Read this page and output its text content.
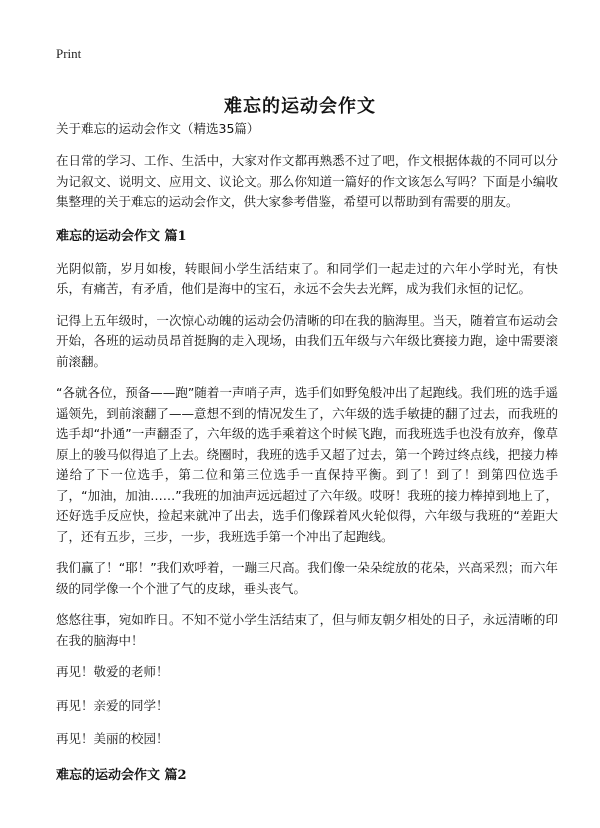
Print
难忘的运动会作文
关于难忘的运动会作文（精选35篇）

在日常的学习、工作、生活中，大家对作文都再熟悉不过了吧，作文根据体裁的不同可以分为记叙文、说明文、应用文、议论文。那么你知道一篇好的作文该怎么写吗？下面是小编收集整理的关于难忘的运动会作文，供大家参考借鉴，希望可以帮助到有需要的朋友。

难忘的运动会作文 篇1

光阴似箭，岁月如梭，转眼间小学生活结束了。和同学们一起走过的六年小学时光，有快乐，有痛苦，有矛盾，他们是海中的宝石，永远不会失去光辉，成为我们永恒的记忆。

记得上五年级时，一次惊心动魄的运动会仍清晰的印在我的脑海里。当天，随着宣布运动会开始，各班的运动员昂首挺胸的走入现场，由我们五年级与六年级比赛接力跑，途中需要滚前滚翻。

“各就各位，预备——跑”随着一声哨子声，选手们如野兔般冲出了起跑线。我们班的选手遥遥领先，到前滚翻了——意想不到的情况发生了，六年级的选手敏捷的翻了过去，而我班的选手却“扑通”一声翻歪了，六年级的选手乘着这个时候飞跑，而我班选手也没有放弃，像草原上的骏马似得追了上去。绕圈时，我班的选手又超了过去，第一个跨过终点线，把接力棒递给了下一位选手，第二位和第三位选手一直保持平衡。到了！到了！到第四位选手了，“加油，加油……”我班的加油声远远超过了六年级。哎呀！我班的接力棒掉到地上了，还好选手反应快，捡起来就冲了出去，选手们像踩着风火轮似得，六年级与我班的“差距大了，还有五步，三步，一步，我班选手第一个冲出了起跑线。

我们赢了！“耶！”我们欢呼着，一蹦三尺高。我们像一朵朵绽放的花朵，兴高采烈；而六年级的同学像一个个泄了气的皮球，垂头丧气。

悠悠往事，宛如昨日。不知不觉小学生活结束了，但与师友朝夕相处的日子，永远清晰的印在我的脑海中！

再见！敬爱的老师！

再见！亲爱的同学！

再见！美丽的校园！

难忘的运动会作文 篇2
